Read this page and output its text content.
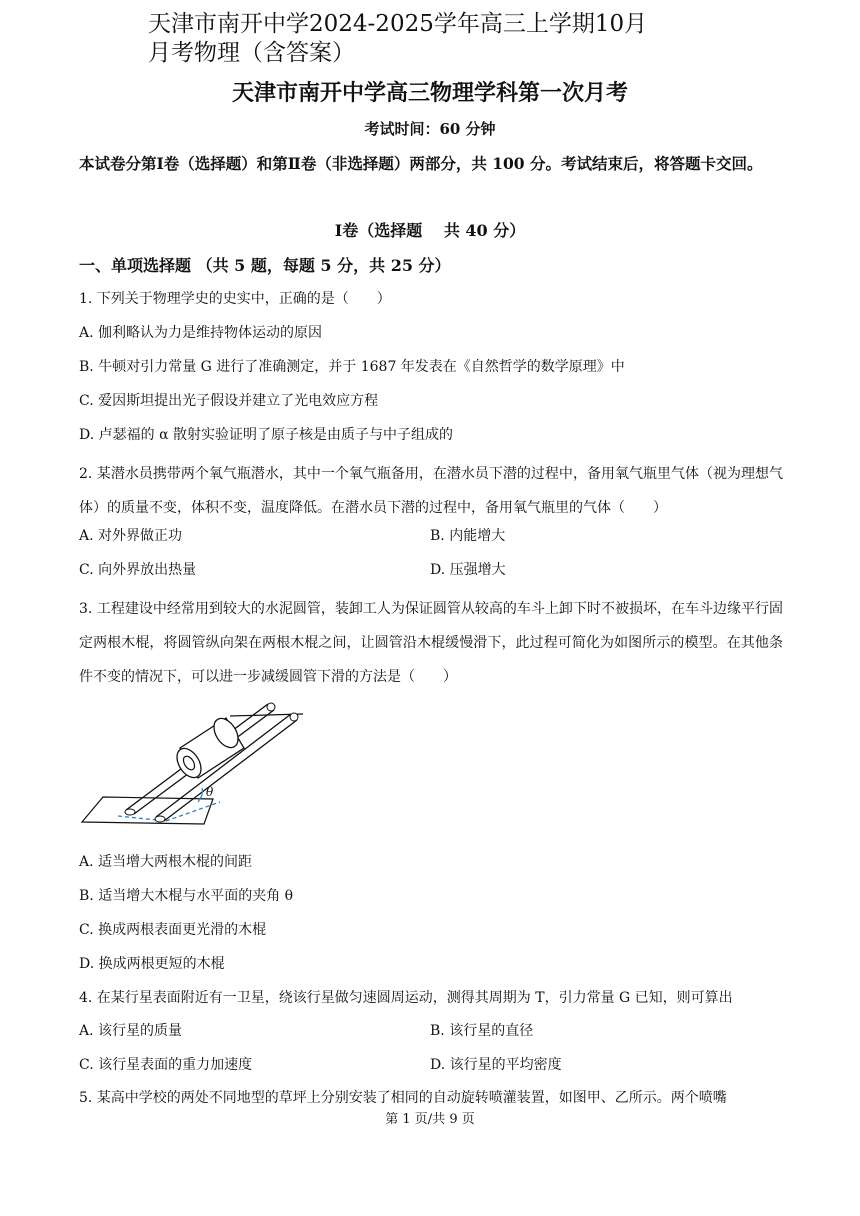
天津市南开中学2024-2025学年高三上学期10月
月考物理（含答案）
天津市南开中学高三物理学科第一次月考
考试时间：60 分钟
本试卷分第Ⅰ卷（选择题）和第Ⅱ卷（非选择题）两部分，共 100 分。考试结束后，将答题卡交回。
Ⅰ卷（选择题　 共 40 分）
一、单项选择题 （共 5 题，每题 5 分，共 25 分）
1. 下列关于物理学史的史实中，正确的是（　　）
A. 伽利略认为力是维持物体运动的原因
B. 牛顿对引力常量 G 进行了准确测定，并于 1687 年发表在《自然哲学的数学原理》中
C. 爱因斯坦提出光子假设并建立了光电效应方程
D. 卢瑟福的 α 散射实验证明了原子核是由质子与中子组成的
2. 某潜水员携带两个氧气瓶潜水，其中一个氧气瓶备用，在潜水员下潜的过程中，备用氧气瓶里气体（视为理想气体）的质量不变，体积不变，温度降低。在潜水员下潜的过程中，备用氧气瓶里的气体（　　）
A. 对外界做正功	B. 内能增大
C. 向外界放出热量	D. 压强增大
3. 工程建设中经常用到较大的水泥圆管，装卸工人为保证圆管从较高的车斗上卸下时不被损坏，在车斗边缘平行固定两根木棍，将圆管纵向架在两根木棍之间，让圆管沿木棍缓慢滑下，此过程可简化为如图所示的模型。在其他条件不变的情况下，可以进一步减缓圆管下滑的方法是（　　）
θ
A. 适当增大两根木棍的间距
B. 适当增大木棍与水平面的夹角 θ
C. 换成两根表面更光滑的木棍
D. 换成两根更短的木棍
4. 在某行星表面附近有一卫星，绕该行星做匀速圆周运动，测得其周期为 T，引力常量 G 已知，则可算出
A. 该行星的质量	B. 该行星的直径
C. 该行星表面的重力加速度	D. 该行星的平均密度
5. 某高中学校的两处不同地型的草坪上分别安装了相同的自动旋转喷灌装置，如图甲、乙所示。两个喷嘴
第 1 页/共 9 页
